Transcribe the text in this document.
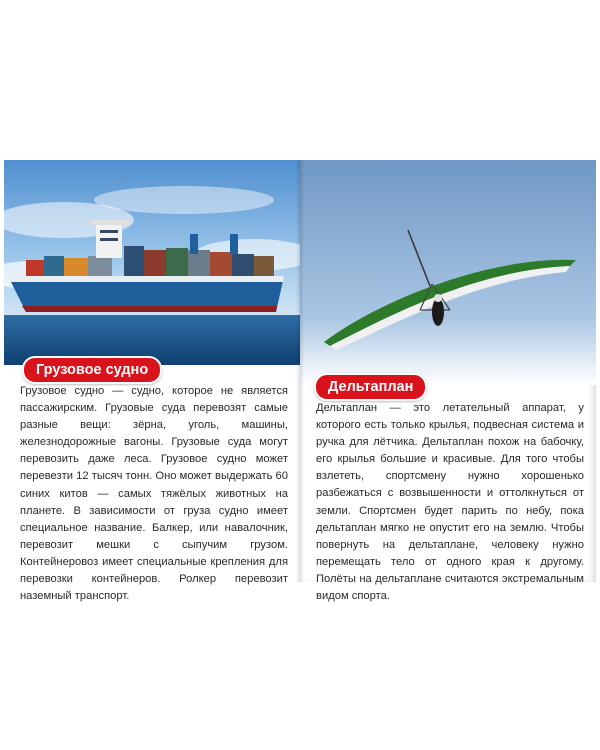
Грузовое судно

Грузовое судно — судно, которое не является пассажирским. Грузовые суда перевозят самые разные вещи: зёрна, уголь, машины, железнодорожные вагоны. Грузовые суда могут перевозить даже леса. Грузовое судно может перевезти 12 тысяч тонн. Оно может выдержать 60 синих китов — самых тяжёлых животных на планете. В зависимости от груза судно имеет специальное название. Балкер, или навалочник, перевозит мешки с сыпучим грузом. Контейнеровоз имеет специальные крепления для перевозки контейнеров. Ролкер перевозит наземный транспорт.

Дельтаплан

Дельтаплан — это летательный аппарат, у которого есть только крылья, подвесная система и ручка для лётчика. Дельтаплан похож на бабочку, его крылья большие и красивые. Для того чтобы взлететь, спортсмену нужно хорошенько разбежаться с возвышенности и оттолкнуться от земли. Спортсмен будет парить по небу, пока дельтаплан мягко не опустит его на землю. Чтобы повернуть на дельтаплане, человеку нужно перемещать тело от одного края к другому. Полёты на дельтаплане считаются экстремальным видом спорта.
